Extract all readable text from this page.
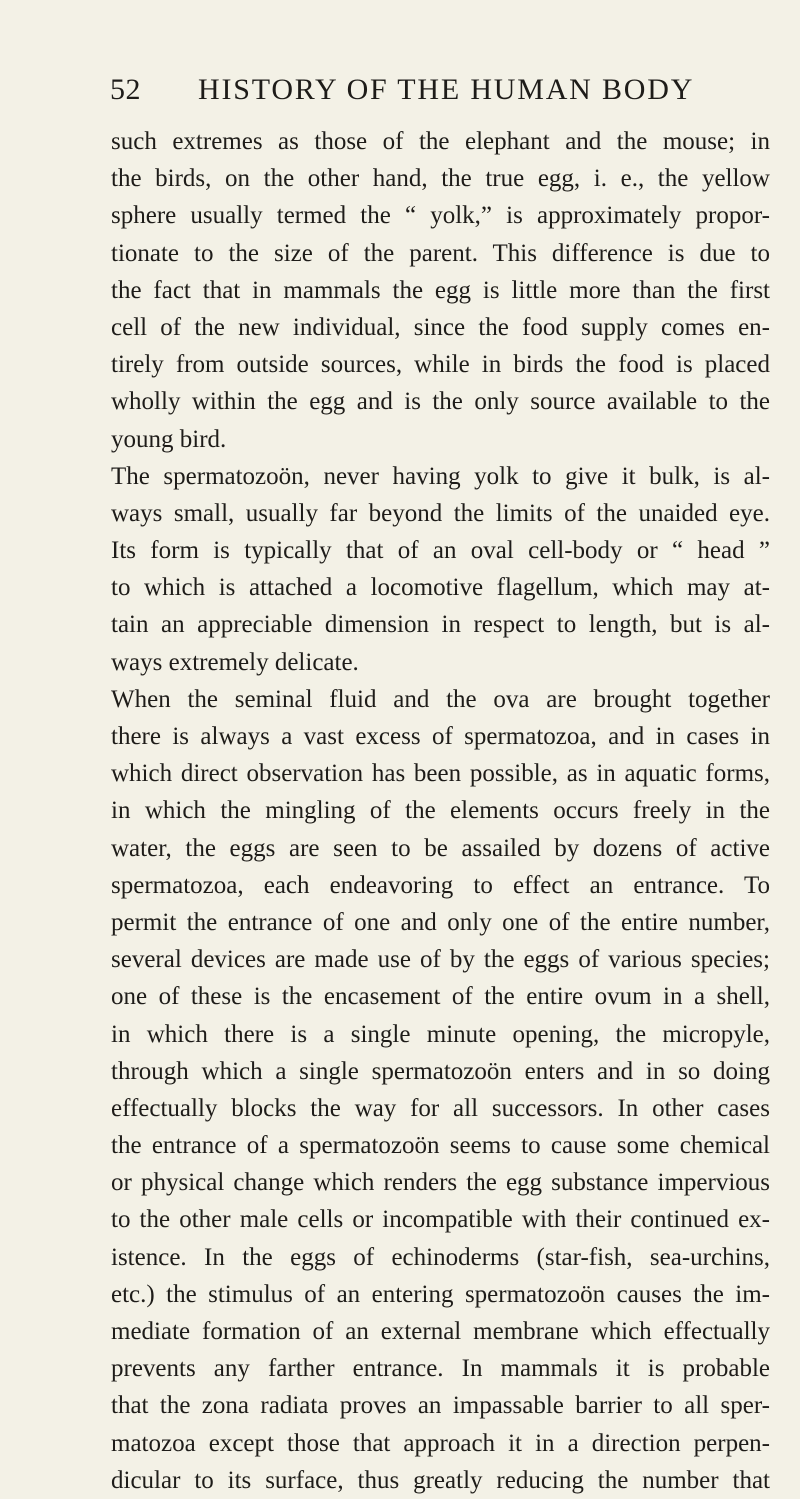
52 HISTORY OF THE HUMAN BODY
such extremes as those of the elephant and the mouse; in
the birds, on the other hand, the true egg, i. e., the yellow
sphere usually termed the “ yolk,” is approximately propor-
tionate to the size of the parent. This difference is due to
the fact that in mammals the egg is little more than the first
cell of the new individual, since the food supply comes en-
tirely from outside sources, while in birds the food is placed
wholly within the egg and is the only source available to the
young bird.
The spermatozoön, never having yolk to give it bulk, is al-
ways small, usually far beyond the limits of the unaided eye.
Its form is typically that of an oval cell-body or “ head ”
to which is attached a locomotive flagellum, which may at-
tain an appreciable dimension in respect to length, but is al-
ways extremely delicate.
When the seminal fluid and the ova are brought together
there is always a vast excess of spermatozoa, and in cases in
which direct observation has been possible, as in aquatic forms,
in which the mingling of the elements occurs freely in the
water, the eggs are seen to be assailed by dozens of active
spermatozoa, each endeavoring to effect an entrance. To
permit the entrance of one and only one of the entire number,
several devices are made use of by the eggs of various species;
one of these is the encasement of the entire ovum in a shell,
in which there is a single minute opening, the micropyle,
through which a single spermatozoön enters and in so doing
effectually blocks the way for all successors. In other cases
the entrance of a spermatozoön seems to cause some chemical
or physical change which renders the egg substance impervious
to the other male cells or incompatible with their continued ex-
istence. In the eggs of echinoderms (star-fish, sea-urchins,
etc.) the stimulus of an entering spermatozoön causes the im-
mediate formation of an external membrane which effectually
prevents any farther entrance. In mammals it is probable
that the zona radiata proves an impassable barrier to all sper-
matozoa except those that approach it in a direction perpen-
dicular to its surface, thus greatly reducing the number that
